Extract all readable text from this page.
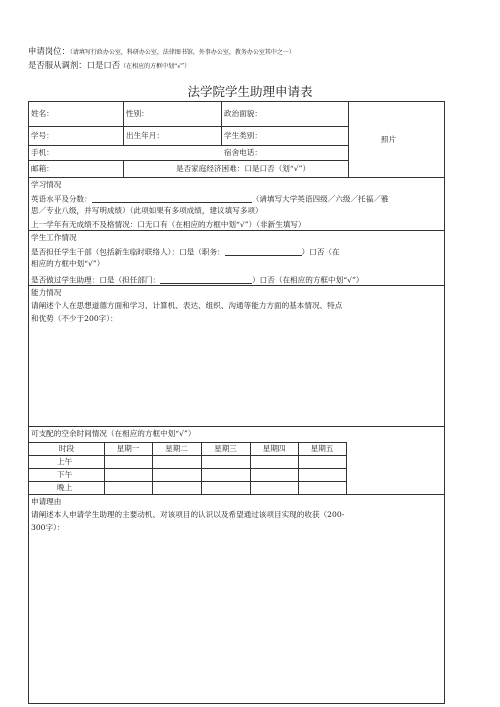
申请岗位：（请填写行政办公室，科研办公室，法律图书馆，外事办公室，教务办公室其中之一）
是否服从调剂：口是口否（在相应的方框中划“√”）
法学院学生助理申请表
姓名：	性别：	政治面貌：
学号：	出生年月：	学生类别：	照片
手机：	宿舍电话：
邮箱：	是否家庭经济困难：口是口否（划“√”）
学习情况
英语水平及分数：	（请填写大学英语四级／六级／托福／雅
思／专业八级，并写明成绩）（此项如果有多项成绩，建议填写多项）
上一学年有无成绩不及格情况：口无口有（在相应的方框中划“√”）（非新生填写）
学生工作情况
是否担任学生干部（包括新生临时联络人）：口是（职务：	）口否（在
相应的方框中划“√”）
是否做过学生助理：口是（担任部门：	）口否（在相应的方框中划“√”）
能力情况
请阐述个人在思想道德方面和学习、计算机、表达、组织、沟通等能力方面的基本情况、特点
和优势（不少于200字）：
可支配的空余时间情况（在相应的方框中划“√”）
时段	星期一	星期二	星期三	星期四	星期五
上午
下午
晚上
申请理由
请阐述本人申请学生助理的主要动机、对该项目的认识以及希望通过该项目实现的收获（200-
300字）：
